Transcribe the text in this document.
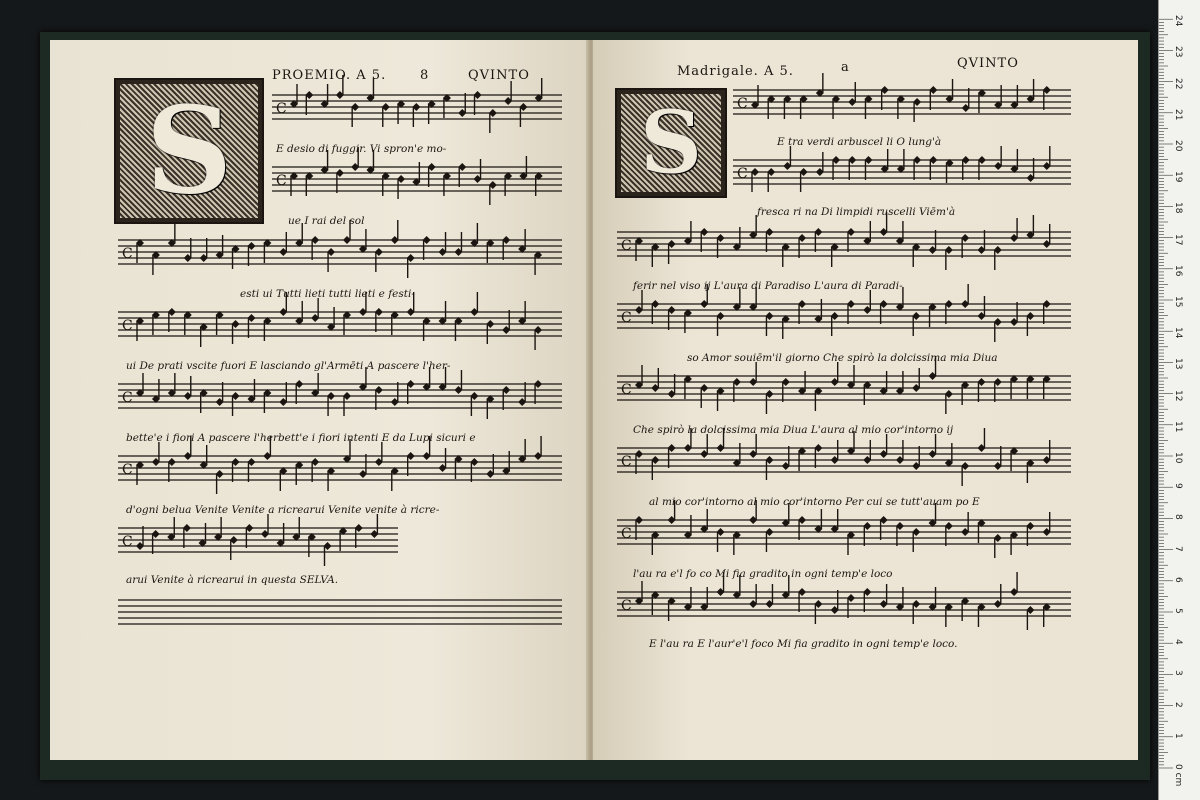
C
C
C
C
C
C
C
S
PROEMIO. A 5.	8	QVINTO
E desio di fuggir. Vi spron'e mo-
ue I rai del sol
esti ui Tutti lieti tutti lieti e festi-
ui De prati vscite fuori E lasciando gl'Armēti A pascere l'her-
bette'e i fiori A pascere l'herbett'e i fiori intenti E da Lupi sicuri e
d'ogni belua Venite Venite a ricrearui Venite venite à ricre-
arui Venite à ricrearui in questa SELVA.
C
C
C
C
C
C
C
C
S
Madrigale. A 5.	a	QVINTO
E tra verdi arbuscel li O lung'à
fresca ri na Di limpidi ruscelli Viēm'à
ferir nel viso ij L'aura di Paradiso L'aura di Paradi-
so Amor souiēm'il giorno Che spirò la dolcissima mia Diua
Che spirò la dolcissima mia Diua L'aura al mio cor'intorno ij
al mio cor'intorno al mio cor'intorno Per cui se tutt'auam po E
l'au ra e'l fo co Mi fia gradito in ogni temp'e loco
E l'au ra E l'aur'e'l foco Mi fia gradito in ogni temp'e loco.
0 cm
1
2
3
4
5
6
7
8
9
10
11
12
13
14
15
16
17
18
19
20
21
22
23
24
